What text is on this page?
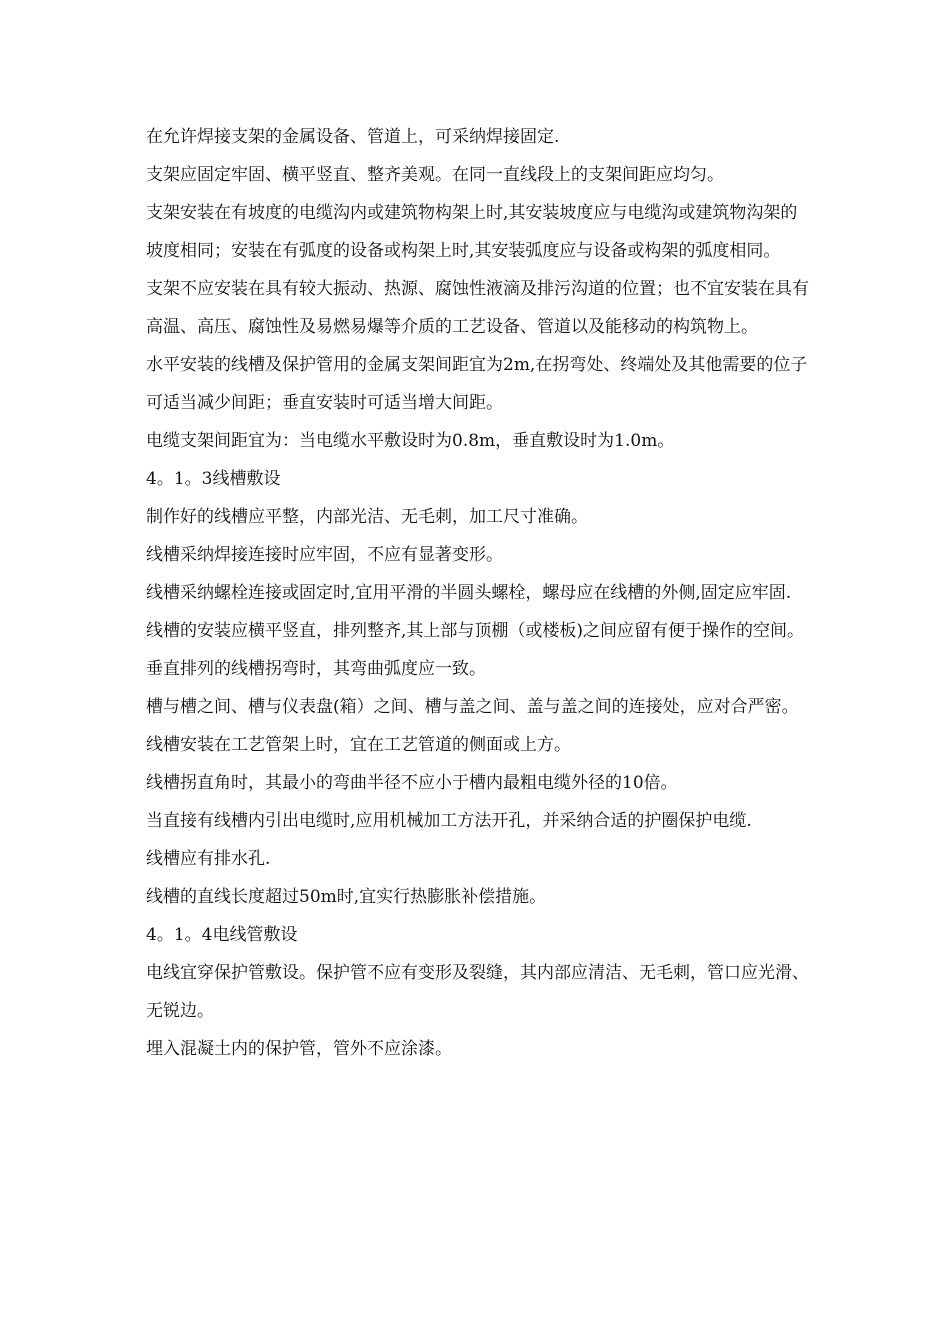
在允许焊接支架的金属设备、管道上，可采纳焊接固定.

支架应固定牢固、横平竖直、整齐美观。在同一直线段上的支架间距应均匀。

支架安装在有坡度的电缆沟内或建筑物构架上时,其安装坡度应与电缆沟或建筑物沟架的坡度相同；安装在有弧度的设备或构架上时,其安装弧度应与设备或构架的弧度相同。

支架不应安装在具有较大振动、热源、腐蚀性液滴及排污沟道的位置；也不宜安装在具有高温、高压、腐蚀性及易燃易爆等介质的工艺设备、管道以及能移动的构筑物上。

水平安装的线槽及保护管用的金属支架间距宜为2m,在拐弯处、终端处及其他需要的位子可适当减少间距；垂直安装时可适当增大间距。

电缆支架间距宜为：当电缆水平敷设时为0.8m，垂直敷设时为1.0m。

4。1。3线槽敷设

制作好的线槽应平整，内部光洁、无毛刺，加工尺寸准确。

线槽采纳焊接连接时应牢固，不应有显著变形。

线槽采纳螺栓连接或固定时,宜用平滑的半圆头螺栓，螺母应在线槽的外侧,固定应牢固.

线槽的安装应横平竖直，排列整齐,其上部与顶棚（或楼板)之间应留有便于操作的空间。垂直排列的线槽拐弯时，其弯曲弧度应一致。

槽与槽之间、槽与仪表盘(箱）之间、槽与盖之间、盖与盖之间的连接处，应对合严密。

线槽安装在工艺管架上时，宜在工艺管道的侧面或上方。

线槽拐直角时，其最小的弯曲半径不应小于槽内最粗电缆外径的10倍。

当直接有线槽内引出电缆时,应用机械加工方法开孔，并采纳合适的护圈保护电缆.

线槽应有排水孔.

线槽的直线长度超过50m时,宜实行热膨胀补偿措施。

4。1。4电线管敷设

电线宜穿保护管敷设。保护管不应有变形及裂缝，其内部应清洁、无毛刺，管口应光滑、无锐边。

埋入混凝土内的保护管，管外不应涂漆。
